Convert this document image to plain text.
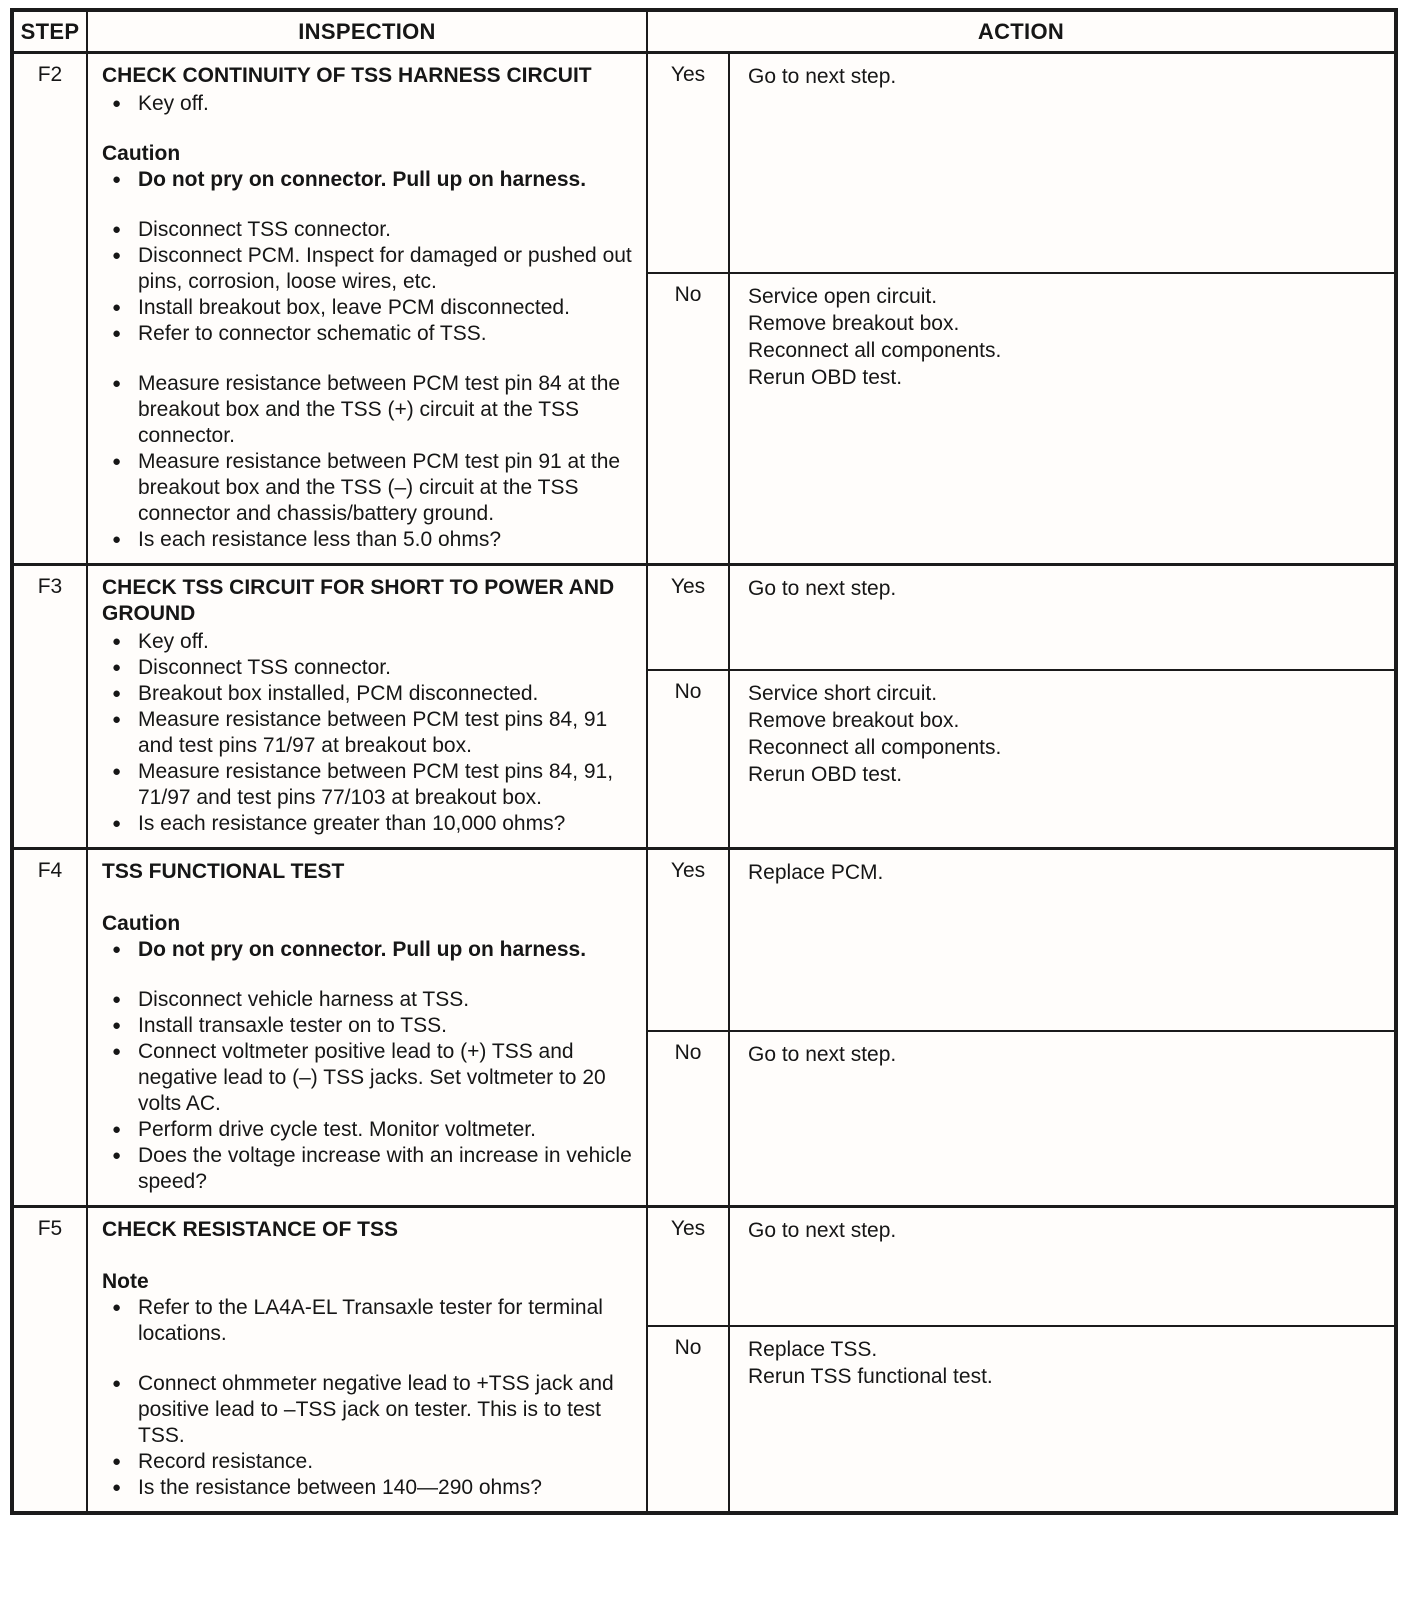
STEP	INSPECTION	ACTION
F2	CHECK CONTINUITY OF TSS HARNESS CIRCUIT
● Key off.
Caution
● Do not pry on connector. Pull up on harness.
● Disconnect TSS connector.
● Disconnect PCM. Inspect for damaged or pushed out pins, corrosion, loose wires, etc.
● Install breakout box, leave PCM disconnected.
● Refer to connector schematic of TSS.
● Measure resistance between PCM test pin 84 at the breakout box and the TSS (+) circuit at the TSS connector.
● Measure resistance between PCM test pin 91 at the breakout box and the TSS (–) circuit at the TSS connector and chassis/battery ground.
● Is each resistance less than 5.0 ohms?
Yes	Go to next step.
No	Service open circuit.
Remove breakout box.
Reconnect all components.
Rerun OBD test.
F3	CHECK TSS CIRCUIT FOR SHORT TO POWER AND GROUND
● Key off.
● Disconnect TSS connector.
● Breakout box installed, PCM disconnected.
● Measure resistance between PCM test pins 84, 91 and test pins 71/97 at breakout box.
● Measure resistance between PCM test pins 84, 91, 71/97 and test pins 77/103 at breakout box.
● Is each resistance greater than 10,000 ohms?
Yes	Go to next step.
No	Service short circuit.
Remove breakout box.
Reconnect all components.
Rerun OBD test.
F4	TSS FUNCTIONAL TEST
Caution
● Do not pry on connector. Pull up on harness.
● Disconnect vehicle harness at TSS.
● Install transaxle tester on to TSS.
● Connect voltmeter positive lead to (+) TSS and negative lead to (–) TSS jacks. Set voltmeter to 20 volts AC.
● Perform drive cycle test. Monitor voltmeter.
● Does the voltage increase with an increase in vehicle speed?
Yes	Replace PCM.
No	Go to next step.
F5	CHECK RESISTANCE OF TSS
Note
● Refer to the LA4A-EL Transaxle tester for terminal locations.
● Connect ohmmeter negative lead to +TSS jack and positive lead to –TSS jack on tester. This is to test TSS.
● Record resistance.
● Is the resistance between 140—290 ohms?
Yes	Go to next step.
No	Replace TSS.
Rerun TSS functional test.
